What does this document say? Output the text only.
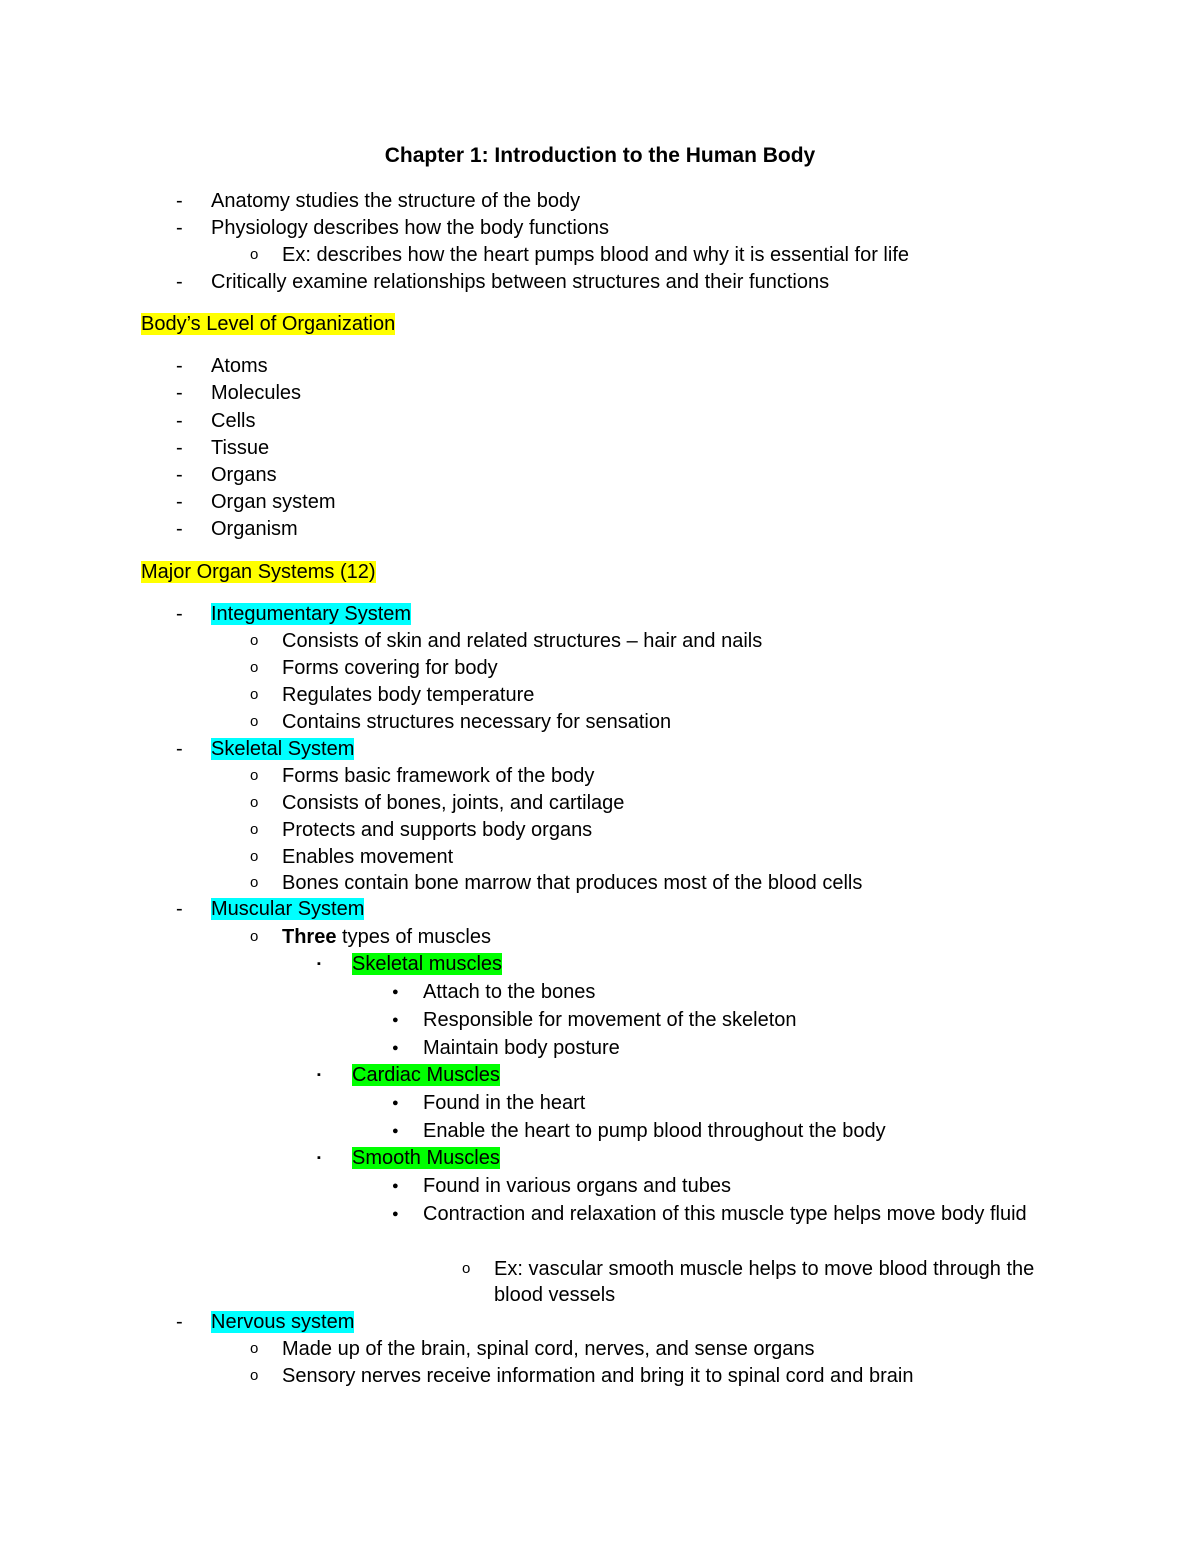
Chapter 1: Introduction to the Human Body
- Anatomy studies the structure of the body
- Physiology describes how the body functions
o Ex: describes how the heart pumps blood and why it is essential for life
- Critically examine relationships between structures and their functions
Body’s Level of Organization
- Atoms
- Molecules
- Cells
- Tissue
- Organs
- Organ system
- Organism
Major Organ Systems (12)
- Integumentary System
o Consists of skin and related structures – hair and nails
o Forms covering for body
o Regulates body temperature
o Contains structures necessary for sensation
- Skeletal System
o Forms basic framework of the body
o Consists of bones, joints, and cartilage
o Protects and supports body organs
o Enables movement
o Bones contain bone marrow that produces most of the blood cells
- Muscular System
o Three types of muscles
▪ Skeletal muscles
● Attach to the bones
● Responsible for movement of the skeleton
● Maintain body posture
▪ Cardiac Muscles
● Found in the heart
● Enable the heart to pump blood throughout the body
▪ Smooth Muscles
● Found in various organs and tubes
● Contraction and relaxation of this muscle type helps move body fluid
o Ex: vascular smooth muscle helps to move blood through the blood vessels
- Nervous system
o Made up of the brain, spinal cord, nerves, and sense organs
o Sensory nerves receive information and bring it to spinal cord and brain
